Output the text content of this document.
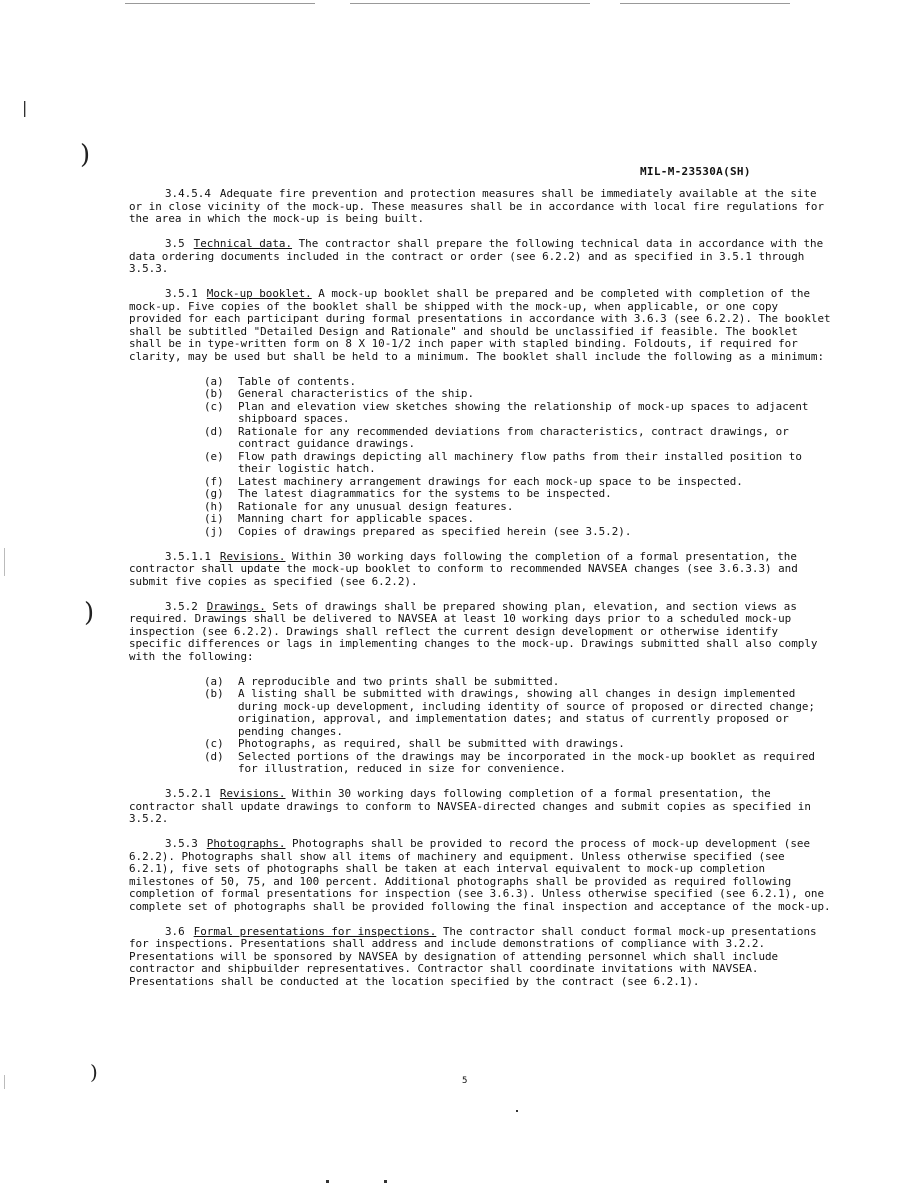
|
)
)
)
MIL-M-23530A(SH)

3.4.5.4 Adequate fire prevention and protection measures shall be immediately available at the site or in close vicinity of the mock-up. These measures shall be in accordance with local fire regulations for the area in which the mock-up is being built.

3.5 Technical data. The contractor shall prepare the following technical data in accordance with the data ordering documents included in the contract or order (see 6.2.2) and as specified in 3.5.1 through 3.5.3.

3.5.1 Mock-up booklet. A mock-up booklet shall be prepared and be completed with completion of the mock-up. Five copies of the booklet shall be shipped with the mock-up, when applicable, or one copy provided for each participant during formal presentations in accordance with 3.6.3 (see 6.2.2). The booklet shall be subtitled "Detailed Design and Rationale" and should be unclassified if feasible. The booklet shall be in type-written form on 8 X 10-1/2 inch paper with stapled binding. Foldouts, if required for clarity, may be used but shall be held to a minimum. The booklet shall include the following as a minimum:

(a) Table of contents.
(b) General characteristics of the ship.
(c) Plan and elevation view sketches showing the relationship of mock-up spaces to adjacent shipboard spaces.
(d) Rationale for any recommended deviations from characteristics, contract drawings, or contract guidance drawings.
(e) Flow path drawings depicting all machinery flow paths from their installed position to their logistic hatch.
(f) Latest machinery arrangement drawings for each mock-up space to be inspected.
(g) The latest diagrammatics for the systems to be inspected.
(h) Rationale for any unusual design features.
(i) Manning chart for applicable spaces.
(j) Copies of drawings prepared as specified herein (see 3.5.2).

3.5.1.1 Revisions. Within 30 working days following the completion of a formal presentation, the contractor shall update the mock-up booklet to conform to recommended NAVSEA changes (see 3.6.3.3) and submit five copies as specified (see 6.2.2).

3.5.2 Drawings. Sets of drawings shall be prepared showing plan, elevation, and section views as required. Drawings shall be delivered to NAVSEA at least 10 working days prior to a scheduled mock-up inspection (see 6.2.2). Drawings shall reflect the current design development or otherwise identify specific differences or lags in implementing changes to the mock-up. Drawings submitted shall also comply with the following:

(a) A reproducible and two prints shall be submitted.
(b) A listing shall be submitted with drawings, showing all changes in design implemented during mock-up development, including identity of source of proposed or directed change; origination, approval, and implementation dates; and status of currently proposed or pending changes.
(c) Photographs, as required, shall be submitted with drawings.
(d) Selected portions of the drawings may be incorporated in the mock-up booklet as required for illustration, reduced in size for convenience.

3.5.2.1 Revisions. Within 30 working days following completion of a formal presentation, the contractor shall update drawings to conform to NAVSEA-directed changes and submit copies as specified in 3.5.2.

3.5.3 Photographs. Photographs shall be provided to record the process of mock-up development (see 6.2.2). Photographs shall show all items of machinery and equipment. Unless otherwise specified (see 6.2.1), five sets of photographs shall be taken at each interval equivalent to mock-up completion milestones of 50, 75, and 100 percent. Additional photographs shall be provided as required following completion of formal presentations for inspection (see 3.6.3). Unless otherwise specified (see 6.2.1), one complete set of photographs shall be provided following the final inspection and acceptance of the mock-up.

3.6 Formal presentations for inspections. The contractor shall conduct formal mock-up presentations for inspections. Presentations shall address and include demonstrations of compliance with 3.2.2. Presentations will be sponsored by NAVSEA by designation of attending personnel which shall include contractor and shipbuilder representatives. Contractor shall coordinate invitations with NAVSEA. Presentations shall be conducted at the location specified by the contract (see 6.2.1).

5
